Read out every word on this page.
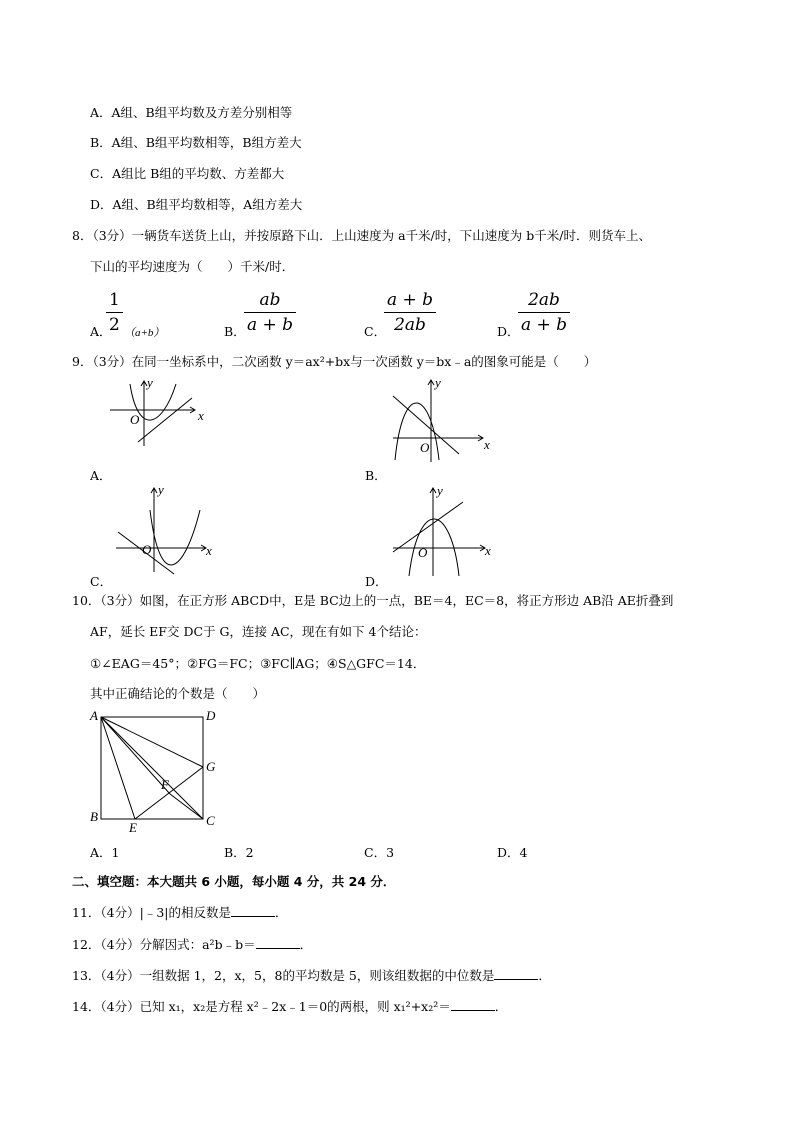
A．A组、B组平均数及方差分别相等
B．A组、B组平均数相等，B组方差大
C．A组比 B组的平均数、方差都大
D．A组、B组平均数相等，A组方差大
8．（3分）一辆货车送货上山，并按原路下山．上山速度为 a千米/时，下山速度为 b千米/时．则货车上、
下山的平均速度为（　　）千米/时．
A．
$\frac{1}{2} (a+b)$	B．
$\frac{ab}{a + b}$	C．
$\frac{a + b}{2ab}$	D．
$\frac{2ab}{a + b}$
9．（3分）在同一坐标系中，二次函数 y＝ax²+bx与一次函数 y＝bx﹣a的图象可能是（　　）
x
y
O
A．
x
y
O
B．
x
y
O
C．
x
y
O
D．
10．（3分）如图，在正方形 ABCD中，E是 BC边上的一点，BE＝4，EC＝8，将正方形边 AB沿 AE折叠到
AF，延长 EF交 DC于 G，连接 AC，现在有如下 4个结论：
①∠EAG＝45°；②FG＝FC；③FC∥AG；④S△GFC＝14．
其中正确结论的个数是（　　）
A	D
G
F
B
E	C
A．1	B．2	C．3	D．4
二、填空题：本大题共 6 小题，每小题 4 分，共 24 分．
11．（4分）|﹣3|的相反数是	．
12．（4分）分解因式：a²b﹣b＝	．
13．（4分）一组数据 1，2，x，5，8的平均数是 5，则该组数据的中位数是	．
14．（4分）已知 x₁，x₂是方程 x²﹣2x﹣1＝0的两根，则 x₁²+x₂²＝	．
